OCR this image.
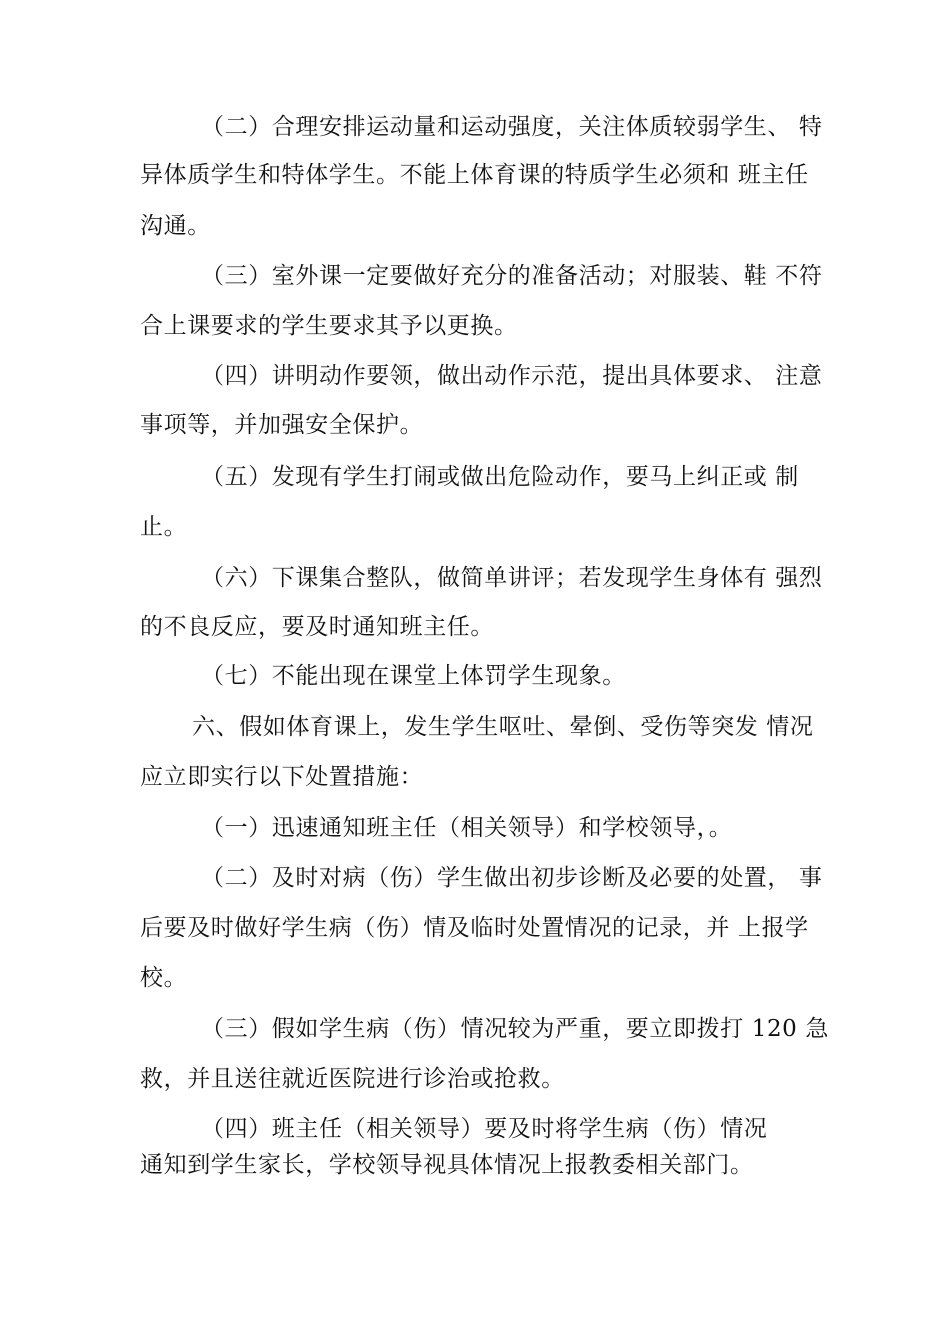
（二）合理安排运动量和运动强度，关注体质较弱学生、 特
异体质学生和特体学生。不能上体育课的特质学生必须和 班主任
沟通。
（三）室外课一定要做好充分的准备活动；对服装、鞋 不符
合上课要求的学生要求其予以更换。
（四）讲明动作要领，做出动作示范，提出具体要求、 注意
事项等，并加强安全保护。
（五）发现有学生打闹或做出危险动作，要马上纠正或 制
止。
（六）下课集合整队，做简单讲评；若发现学生身体有 强烈
的不良反应，要及时通知班主任。
（七）不能出现在课堂上体罚学生现象。
六、假如体育课上，发生学生呕吐、晕倒、受伤等突发 情况
应立即实行以下处置措施：
（一）迅速通知班主任（相关领导）和学校领导，。
（二）及时对病（伤）学生做出初步诊断及必要的处置， 事
后要及时做好学生病（伤）情及临时处置情况的记录，并 上报学
校。
（三）假如学生病（伤）情况较为严重，要立即拨打 120 急
救，并且送往就近医院进行诊治或抢救。
（四）班主任（相关领导）要及时将学生病（伤）情况
通知到学生家长，学校领导视具体情况上报教委相关部门。
